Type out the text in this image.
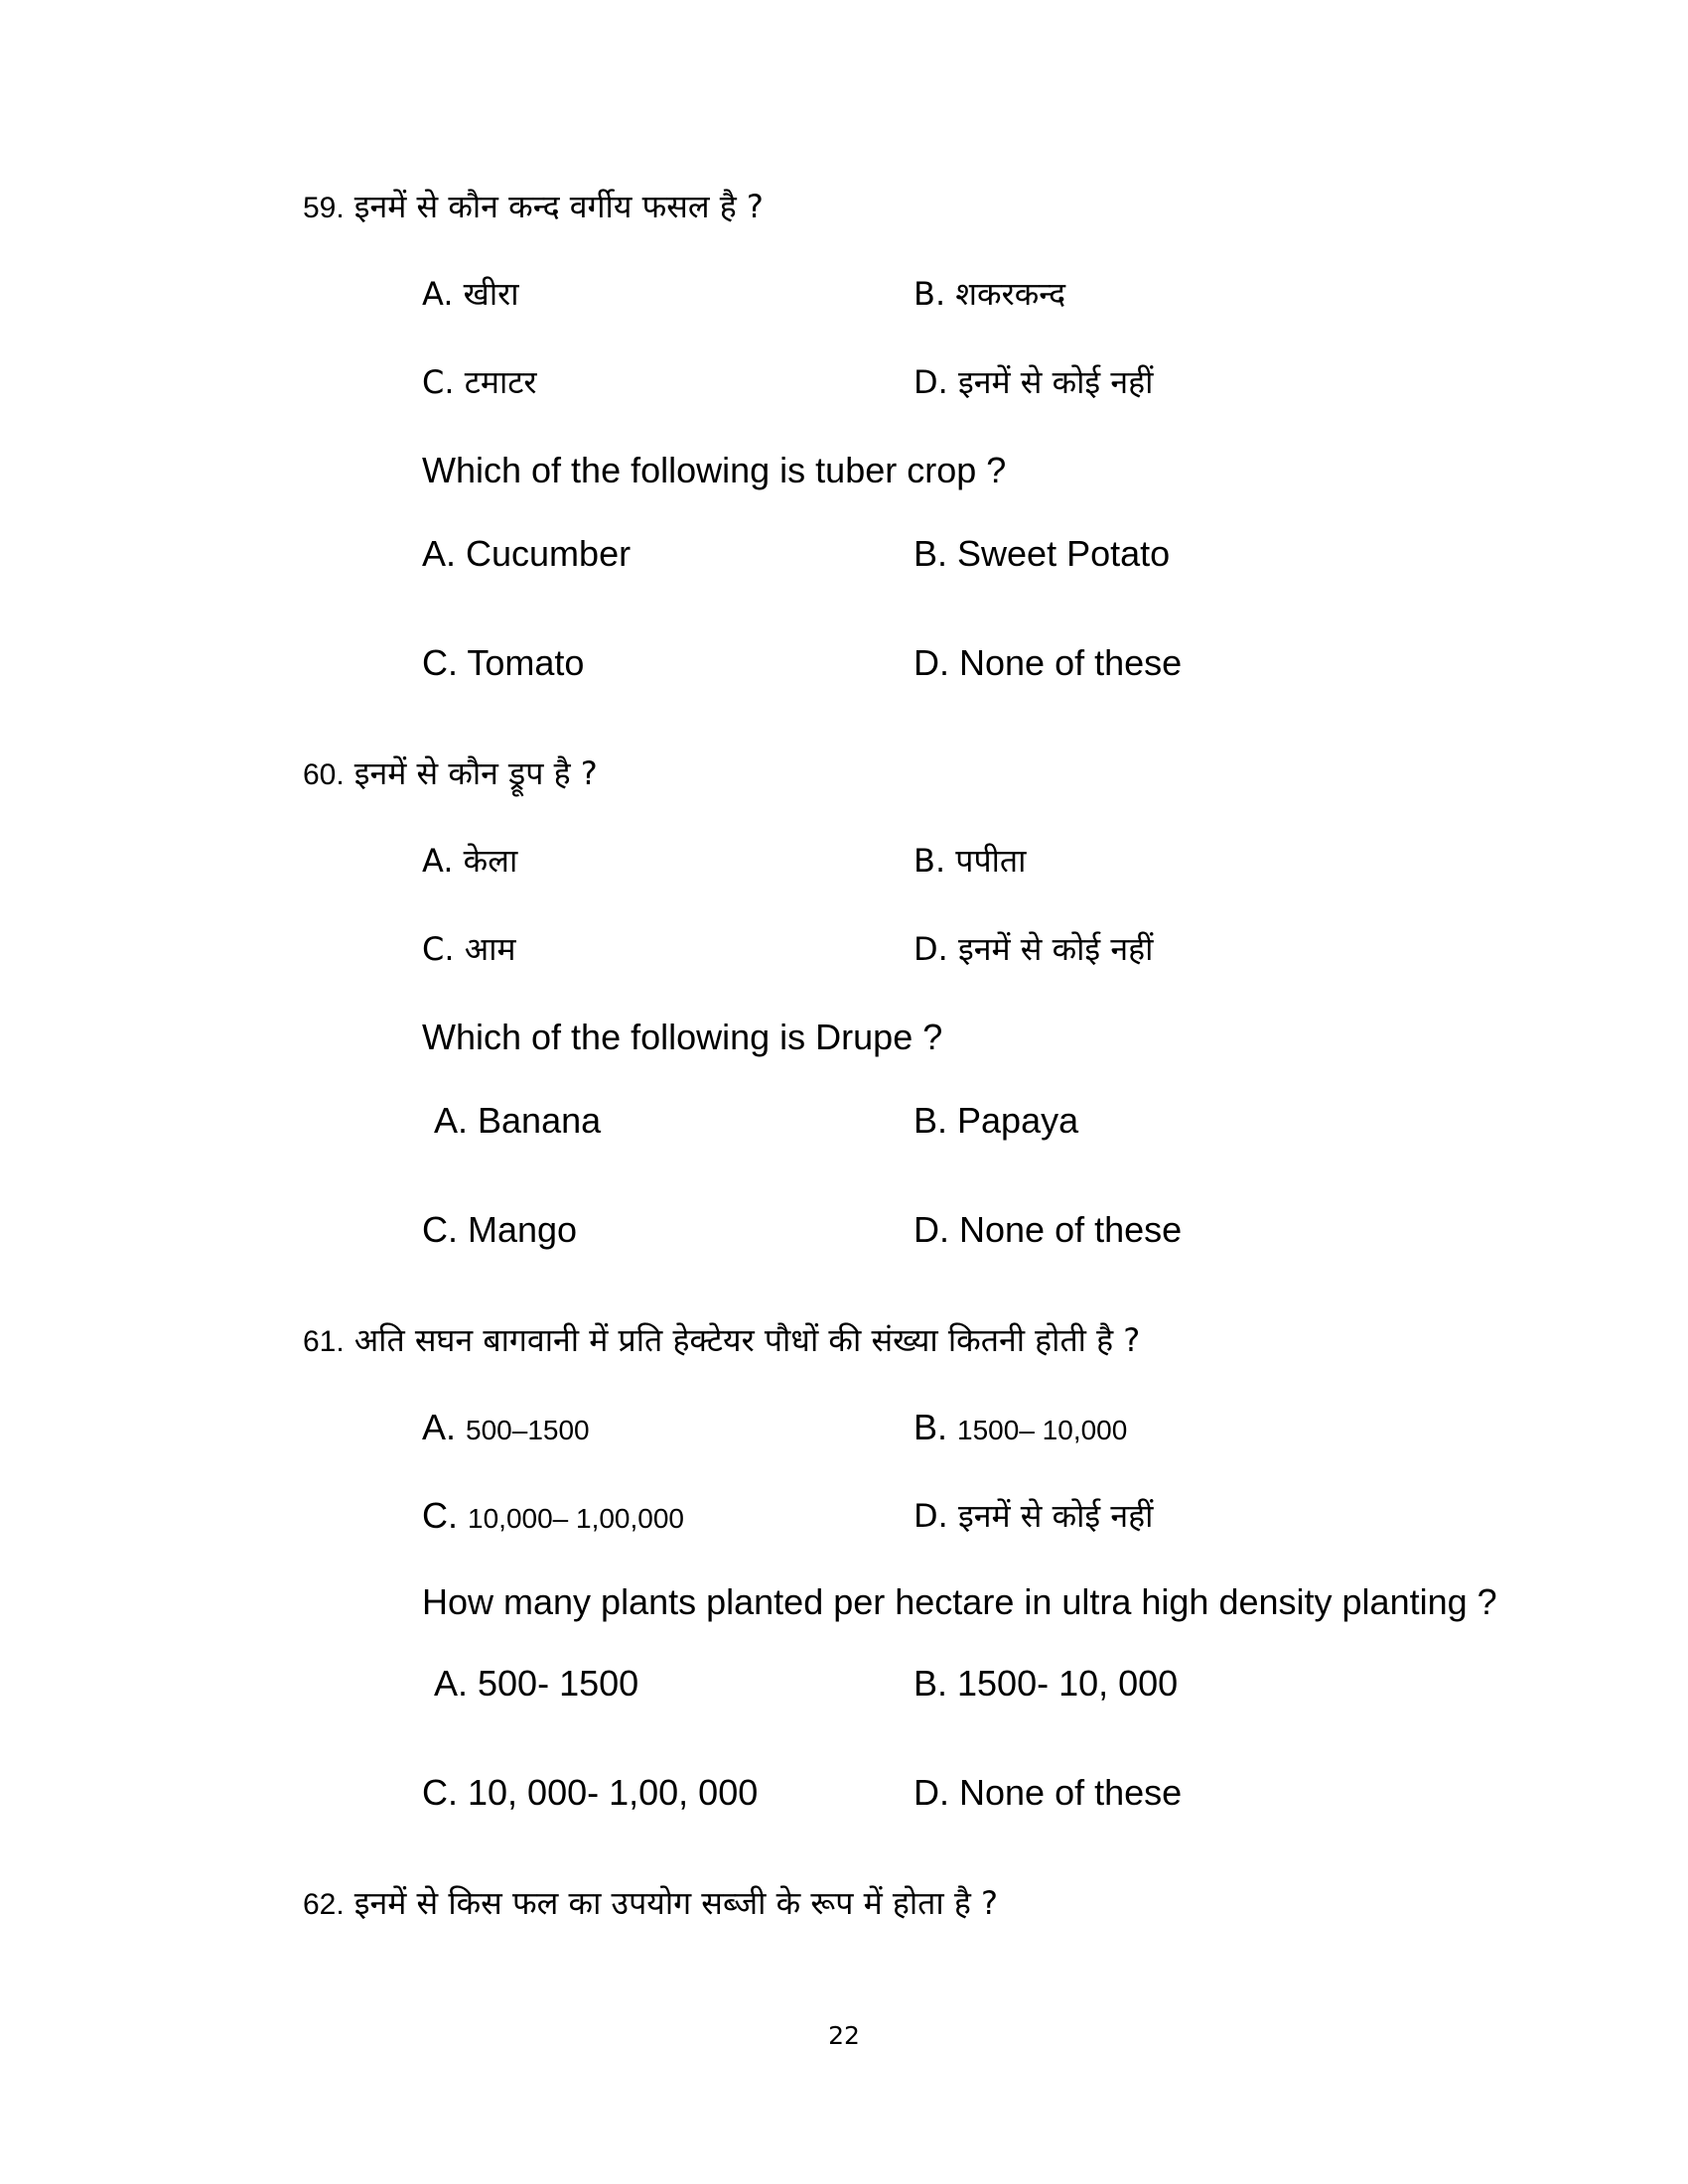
59. इनमें से कौन कन्द वर्गीय फसल है ?
A. खीरा	B. शकरकन्द
C. टमाटर	D. इनमें से कोई नहीं
Which of the following is tuber crop ?
A. Cucumber	B. Sweet Potato
C. Tomato	D. None of these
60. इनमें से कौन ड्रूप है ?
A. केला	B. पपीता
C. आम	D. इनमें से कोई नहीं
Which of the following is Drupe ?
A. Banana	B. Papaya
C. Mango	D. None of these
61. अति सघन बागवानी में प्रति हेक्टेयर पौधों की संख्या कितनी होती है ?
A. 500–1500	B. 1500– 10,000
C. 10,000– 1,00,000	D. इनमें से कोई नहीं
How many plants planted per hectare in ultra high density planting ?
A. 500- 1500	B. 1500- 10, 000
C. 10, 000- 1,00, 000	D. None of these
62. इनमें से किस फल का उपयोग सब्जी के रूप में होता है ?
22
